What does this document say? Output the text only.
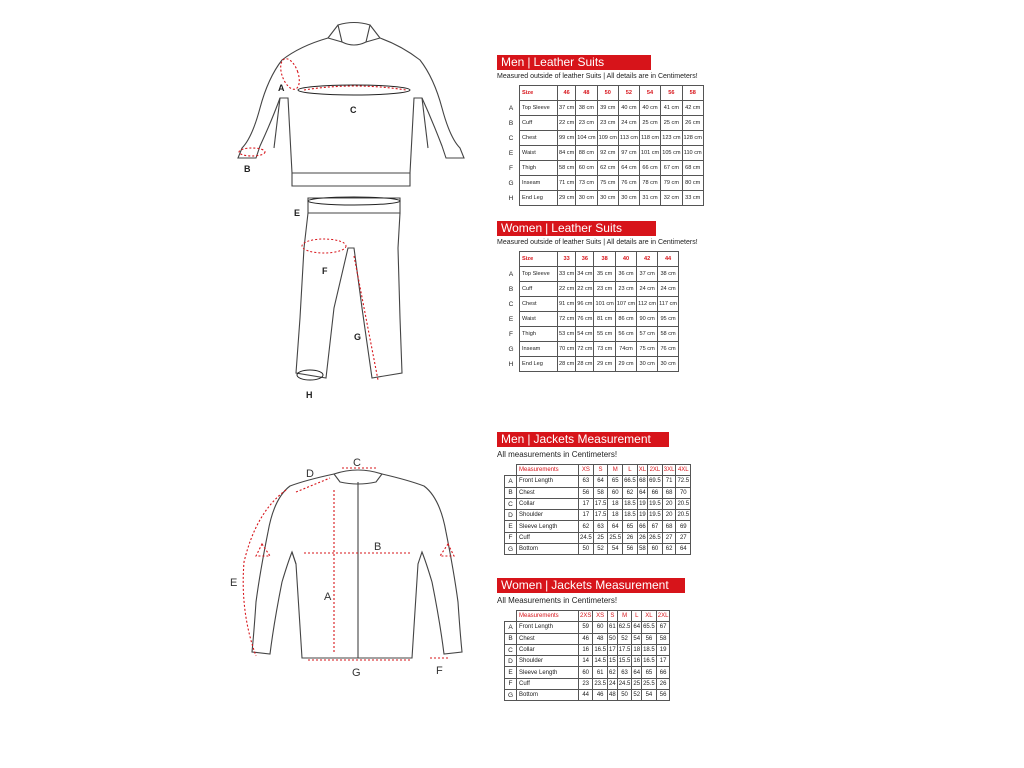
A
C
B
E
F
G
H
C
D
B
A
E
G	F
Men | Leather Suits
Measured outside of leather Suits | All details are in Centimeters!
	Size	46	48	50	52	54	56	58
A	Top Sleeve	37 cm	38 cm	39 cm	40 cm	40 cm	41 cm	42 cm
B	Cuff	22 cm	23 cm	23 cm	24 cm	25 cm	25 cm	26 cm
C	Chest	99 cm	104 cm	109 cm	113 cm	118 cm	123 cm	128 cm
E	Waist	84 cm	88 cm	92 cm	97 cm	101 cm	105 cm	110 cm
F	Thigh	58 cm	60 cm	62 cm	64 cm	66 cm	67 cm	68 cm
G	Inseam	71 cm	73 cm	75 cm	76 cm	78 cm	79 cm	80 cm
H	End Leg	29 cm	30 cm	30 cm	30 cm	31 cm	32 cm	33 cm
Women | Leather Suits
Measured outside of leather Suits | All details are in Centimeters!
	Size	33	36	38	40	42	44
A	Top Sleeve	33 cm	34 cm	35 cm	36 cm	37 cm	38 cm
B	Cuff	22 cm	22 cm	23 cm	23 cm	24 cm	24 cm
C	Chest	91 cm	96 cm	101 cm	107 cm	112 cm	117 cm
E	Waist	72 cm	76 cm	81 cm	86 cm	90 cm	95 cm
F	Thigh	53 cm	54 cm	55 cm	56 cm	57 cm	58 cm
G	Inseam	70 cm	72 cm	73 cm	74cm	75 cm	76 cm
H	End Leg	28 cm	28 cm	29 cm	29 cm	30 cm	30 cm
Men | Jackets Measurement
All measurements in Centimeters!
	Measurements	XS	S	M	L	XL	2XL	3XL	4XL
A	Front Length	63	64	65	66.5	68	69.5	71	72.5
B	Chest	56	58	60	62	64	66	68	70
C	Collar	17	17.5	18	18.5	19	19.5	20	20.5
D	Shoulder	17	17.5	18	18.5	19	19.5	20	20.5
E	Sleeve Length	62	63	64	65	66	67	68	69
F	Cuff	24.5	25	25.5	26	26	26.5	27	27
G	Bottom	50	52	54	56	58	60	62	64
Women | Jackets Measurement
All Measurements in Centimeters!
	Measurements	2XS	XS	S	M	L	XL	2XL
A	Front Length	59	60	61	62.5	64	65.5	67
B	Chest	46	48	50	52	54	56	58
C	Collar	16	16.5	17	17.5	18	18.5	19
D	Shoulder	14	14.5	15	15.5	16	16.5	17
E	Sleeve Length	60	61	62	63	64	65	66
F	Cuff	23	23.5	24	24.5	25	25.5	26
G	Bottom	44	46	48	50	52	54	56
